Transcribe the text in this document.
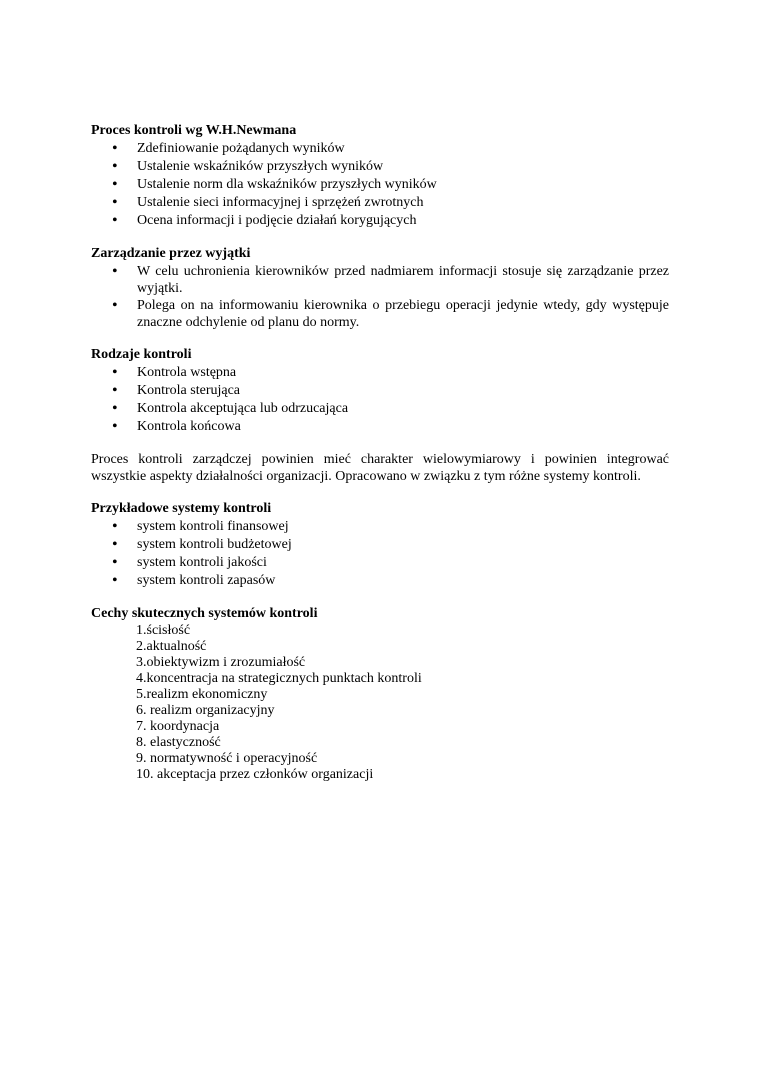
Proces kontroli wg W.H.Newmana

• Zdefiniowanie pożądanych wyników
• Ustalenie wskaźników przyszłych wyników
• Ustalenie norm dla wskaźników przyszłych wyników
• Ustalenie sieci informacyjnej i sprzężeń zwrotnych
• Ocena informacji i podjęcie działań korygujących

Zarządzanie przez wyjątki

• W celu uchronienia kierowników przed nadmiarem informacji stosuje się zarządzanie przez wyjątki.
• Polega on na informowaniu kierownika o przebiegu operacji jedynie wtedy, gdy występuje znaczne odchylenie od planu do normy.

Rodzaje kontroli

• Kontrola wstępna
• Kontrola sterująca
• Kontrola akceptująca lub odrzucająca
• Kontrola końcowa

Proces kontroli zarządczej powinien mieć charakter wielowymiarowy i powinien integrować wszystkie aspekty działalności organizacji. Opracowano w związku z tym różne systemy kontroli.

Przykładowe systemy kontroli

• system kontroli finansowej
• system kontroli budżetowej
• system kontroli jakości
• system kontroli zapasów

Cechy skutecznych systemów kontroli

1.ścisłość
2.aktualność
3.obiektywizm i zrozumiałość
4.koncentracja na strategicznych punktach kontroli
5.realizm ekonomiczny
6. realizm organizacyjny
7. koordynacja
8. elastyczność
9. normatywność i operacyjność
10. akceptacja przez członków organizacji
